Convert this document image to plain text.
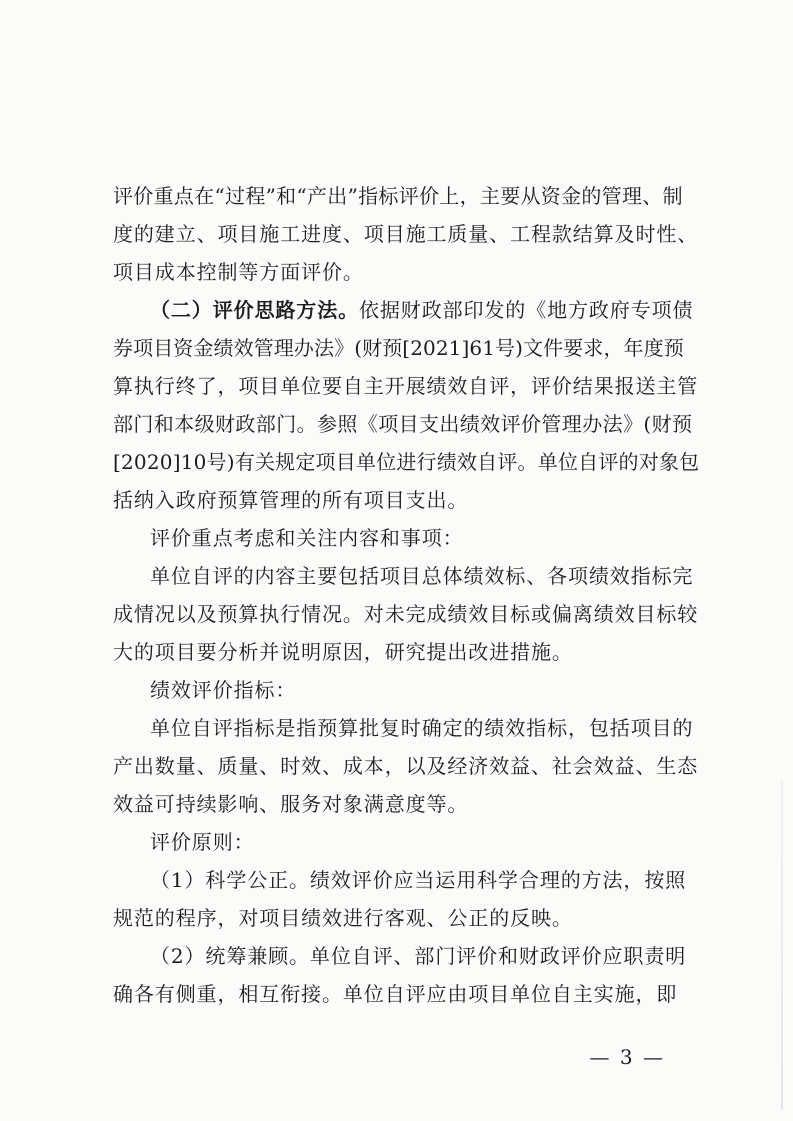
评价重点在“过程”和“产出”指标评价上，主要从资金的管理、制
度的建立、项目施工进度、项目施工质量、工程款结算及时性、
项目成本控制等方面评价。
（二）评价思路方法。依据财政部印发的《地方政府专项债
券项目资金绩效管理办法》(财预[2021]61号)文件要求，年度预
算执行终了，项目单位要自主开展绩效自评，评价结果报送主管
部门和本级财政部门。参照《项目支出绩效评价管理办法》(财预
[2020]10号)有关规定项目单位进行绩效自评。单位自评的对象包
括纳入政府预算管理的所有项目支出。
评价重点考虑和关注内容和事项：
单位自评的内容主要包括项目总体绩效标、各项绩效指标完
成情况以及预算执行情况。对未完成绩效目标或偏离绩效目标较
大的项目要分析并说明原因，研究提出改进措施。
绩效评价指标：
单位自评指标是指预算批复时确定的绩效指标，包括项目的
产出数量、质量、时效、成本，以及经济效益、社会效益、生态
效益可持续影响、服务对象满意度等。
评价原则：
（1）科学公正。绩效评价应当运用科学合理的方法，按照
规范的程序，对项目绩效进行客观、公正的反映。
（2）统筹兼顾。单位自评、部门评价和财政评价应职责明
确各有侧重，相互衔接。单位自评应由项目单位自主实施，即
— 3 —
